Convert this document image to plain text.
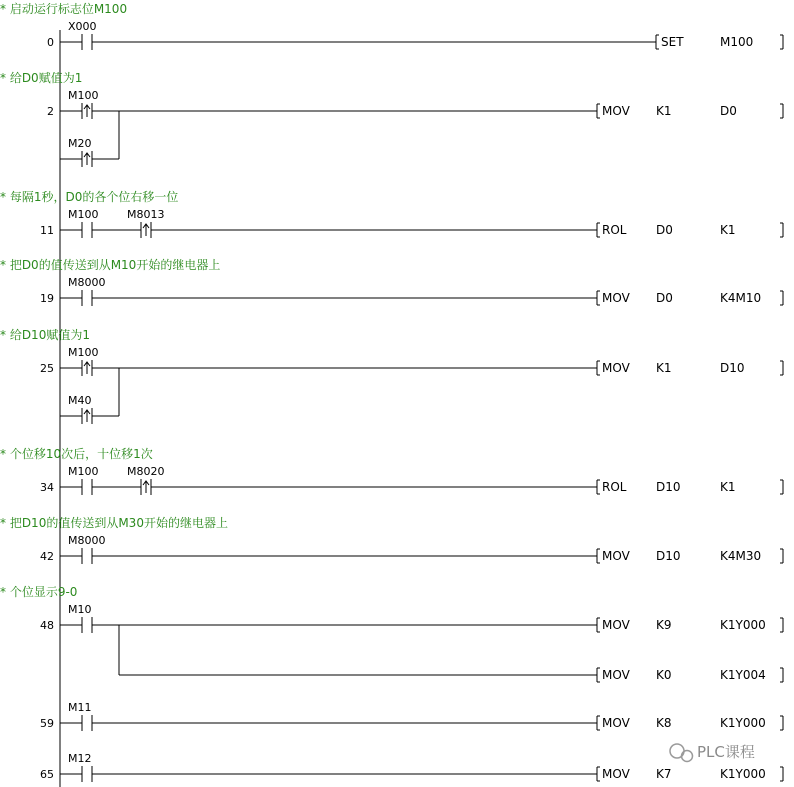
* 启动运行标志位M100
0
X000
SET	M100
* 给D0赋值为1
2
M100
M20
MOV K1	D0
* 每隔1秒，D0的各个位右移一位
11
M100	M8013
ROL D0	K1
* 把D0的值传送到从M10开始的继电器上
19
M8000
MOV D0	K4M10
* 给D10赋值为1
25
M100
M40
MOV K1	D10
* 个位移10次后，十位移1次
34
M100	M8020
ROL D10	K1
* 把D10的值传送到从M30开始的继电器上
42
M8000
MOV D10	K4M30
* 个位显示9-0
48
M10
MOV K9	K1Y000
MOV K0	K1Y004
59
M11
MOV K8	K1Y000
65
M12
MOV K7	K1Y000
PLC课程
